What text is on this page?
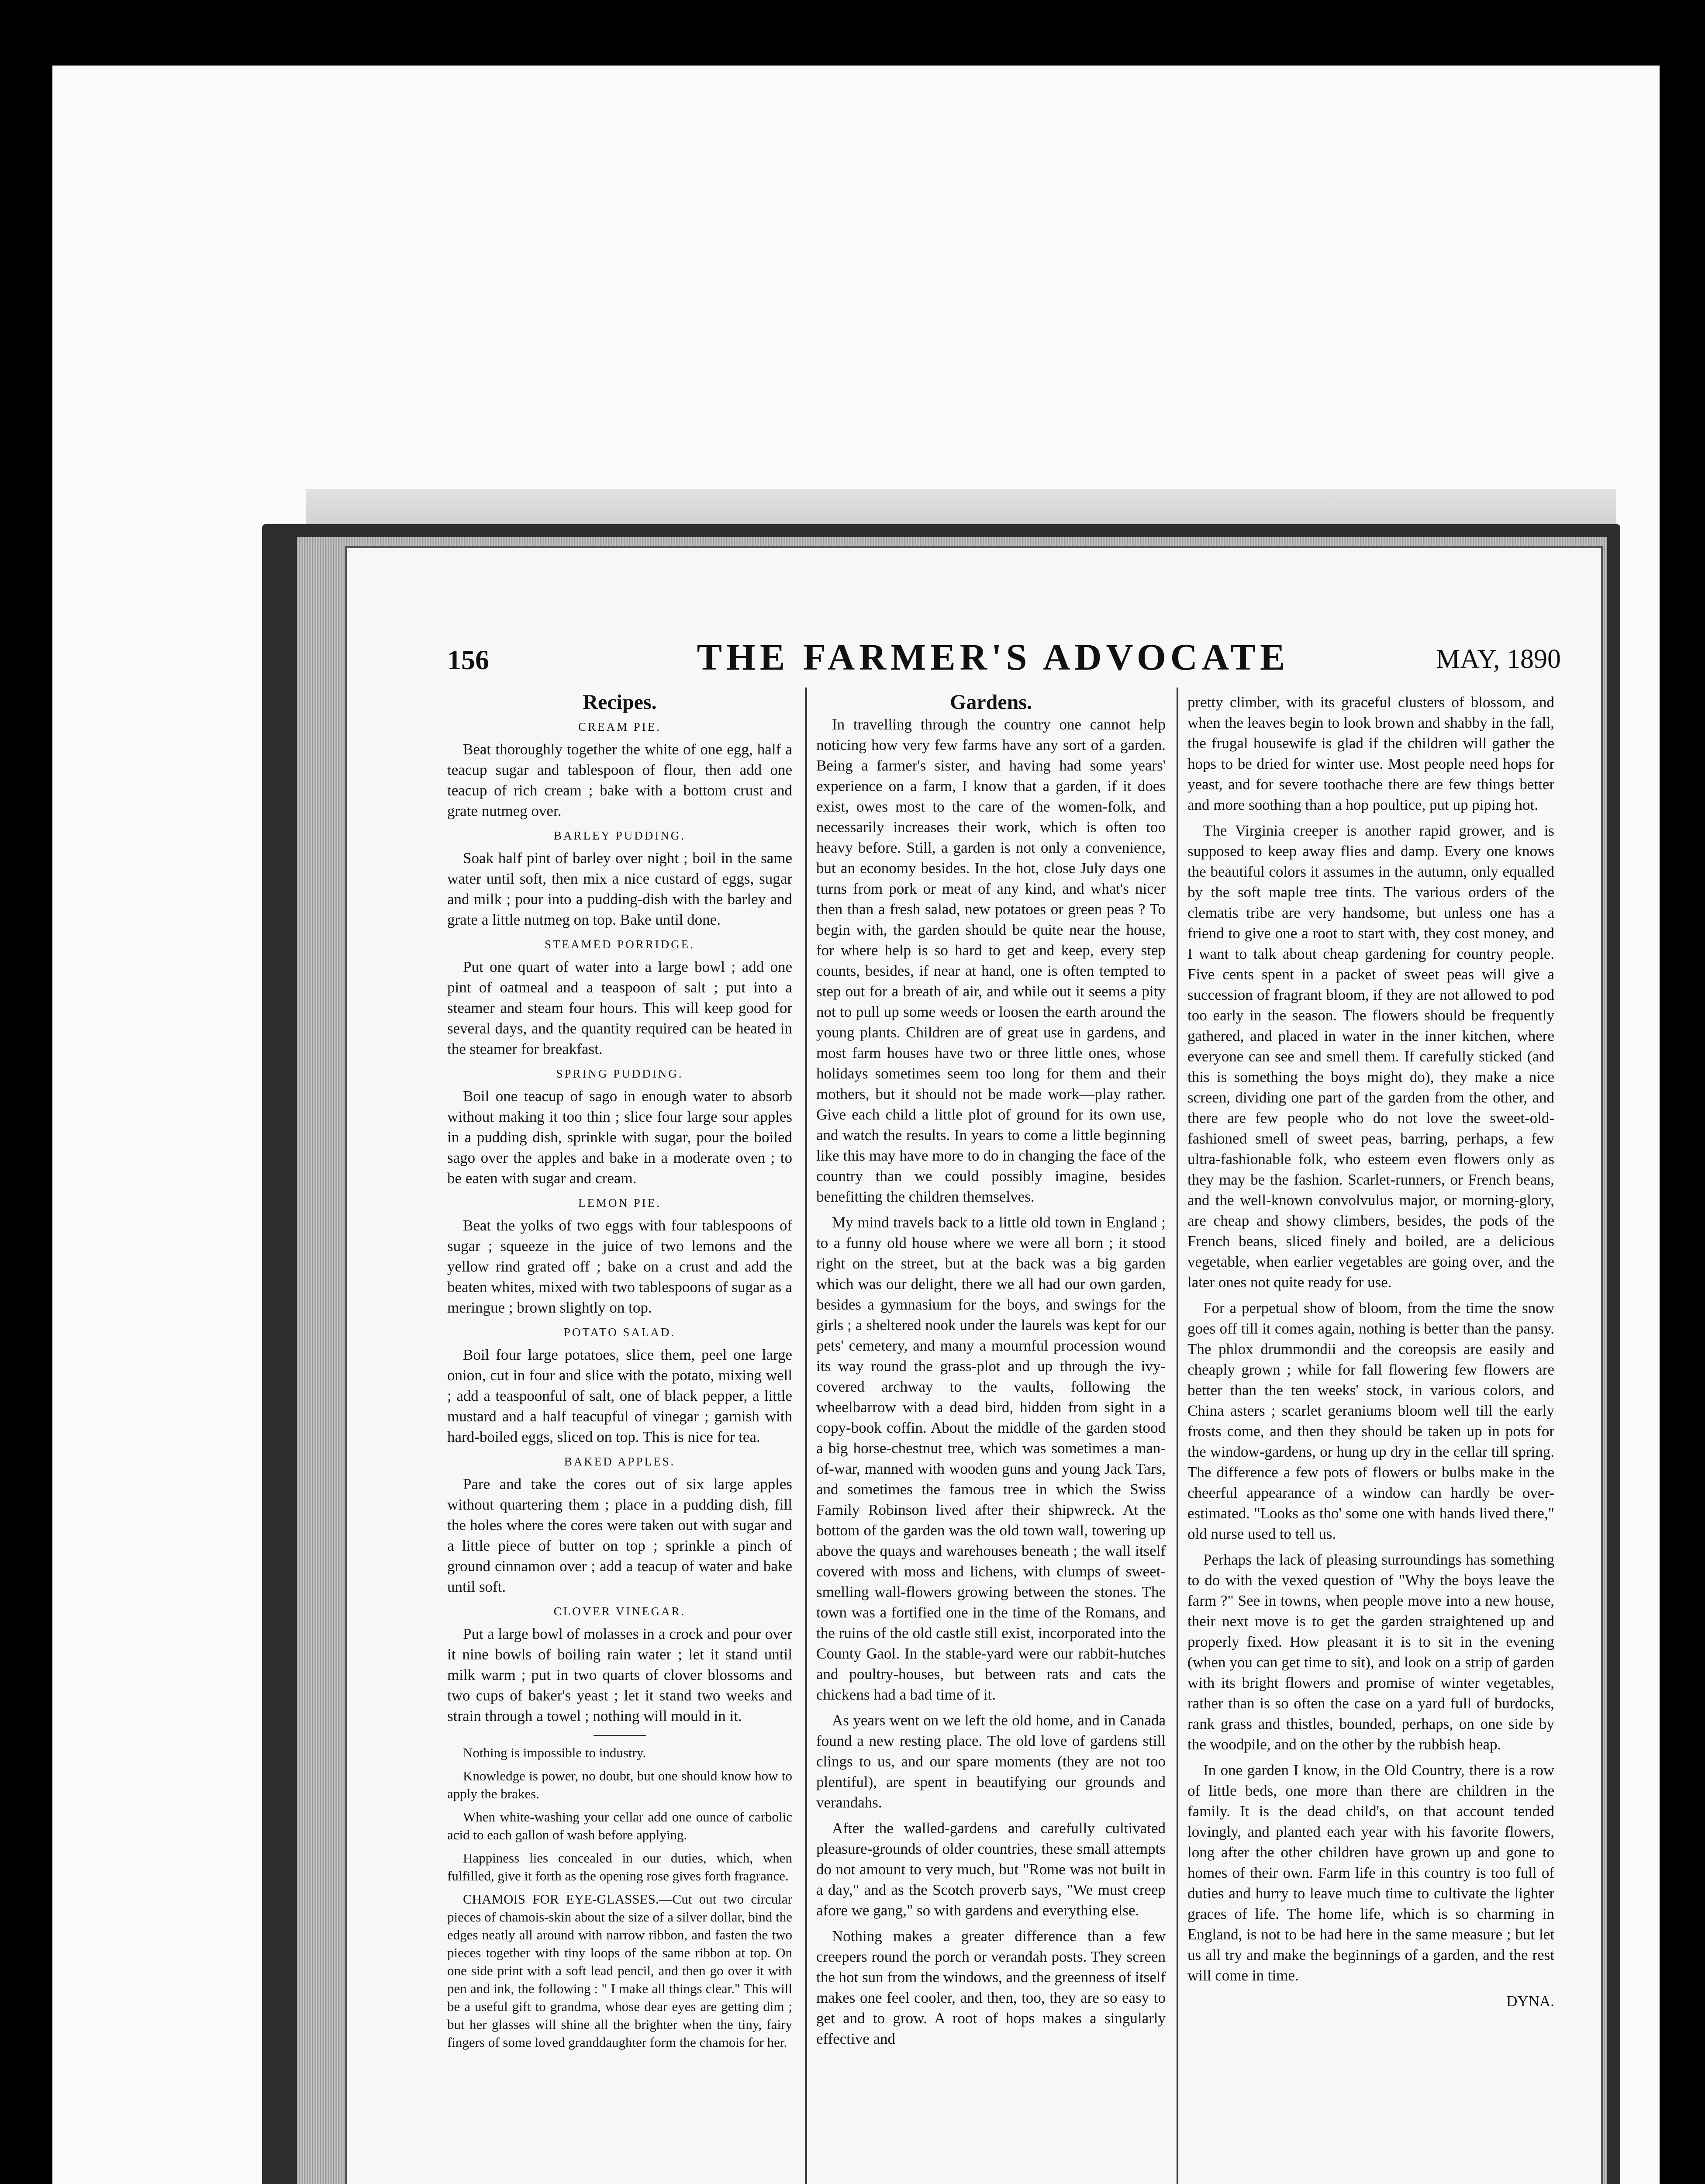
156	THE FARMER'S ADVOCATE	MAY, 1890
Recipes.
CREAM PIE.

Beat thoroughly together the white of one egg, half a teacup sugar and tablespoon of flour, then add one teacup of rich cream ; bake with a bottom crust and grate nutmeg over.

BARLEY PUDDING.

Soak half pint of barley over night ; boil in the same water until soft, then mix a nice custard of eggs, sugar and milk ; pour into a pudding-dish with the barley and grate a little nutmeg on top. Bake until done.

STEAMED PORRIDGE.

Put one quart of water into a large bowl ; add one pint of oatmeal and a teaspoon of salt ; put into a steamer and steam four hours. This will keep good for several days, and the quantity required can be heated in the steamer for breakfast.

SPRING PUDDING.

Boil one teacup of sago in enough water to absorb without making it too thin ; slice four large sour apples in a pudding dish, sprinkle with sugar, pour the boiled sago over the apples and bake in a moderate oven ; to be eaten with sugar and cream.

LEMON PIE.

Beat the yolks of two eggs with four tablespoons of sugar ; squeeze in the juice of two lemons and the yellow rind grated off ; bake on a crust and add the beaten whites, mixed with two tablespoons of sugar as a meringue ; brown slightly on top.

POTATO SALAD.

Boil four large potatoes, slice them, peel one large onion, cut in four and slice with the potato, mixing well ; add a teaspoonful of salt, one of black pepper, a little mustard and a half teacupful of vinegar ; garnish with hard-boiled eggs, sliced on top. This is nice for tea.

BAKED APPLES.

Pare and take the cores out of six large apples without quartering them ; place in a pudding dish, fill the holes where the cores were taken out with sugar and a little piece of butter on top ; sprinkle a pinch of ground cinnamon over ; add a teacup of water and bake until soft.

CLOVER VINEGAR.

Put a large bowl of molasses in a crock and pour over it nine bowls of boiling rain water ; let it stand until milk warm ; put in two quarts of clover blossoms and two cups of baker's yeast ; let it stand two weeks and strain through a towel ; nothing will mould in it.

Nothing is impossible to industry.

Knowledge is power, no doubt, but one should know how to apply the brakes.

When white-washing your cellar add one ounce of carbolic acid to each gallon of wash before applying.

Happiness lies concealed in our duties, which, when fulfilled, give it forth as the opening rose gives forth fragrance.

CHAMOIS FOR EYE-GLASSES.—Cut out two circular pieces of chamois-skin about the size of a silver dollar, bind the edges neatly all around with narrow ribbon, and fasten the two pieces together with tiny loops of the same ribbon at top. On one side print with a soft lead pencil, and then go over it with pen and ink, the following : " I make all things clear." This will be a useful gift to grandma, whose dear eyes are getting dim ; but her glasses will shine all the brighter when the tiny, fairy fingers of some loved granddaughter form the chamois for her.

Gardens.

In travelling through the country one cannot help noticing how very few farms have any sort of a garden. Being a farmer's sister, and having had some years' experience on a farm, I know that a garden, if it does exist, owes most to the care of the women-folk, and necessarily increases their work, which is often too heavy before. Still, a garden is not only a convenience, but an economy besides. In the hot, close July days one turns from pork or meat of any kind, and what's nicer then than a fresh salad, new potatoes or green peas ? To begin with, the garden should be quite near the house, for where help is so hard to get and keep, every step counts, besides, if near at hand, one is often tempted to step out for a breath of air, and while out it seems a pity not to pull up some weeds or loosen the earth around the young plants. Children are of great use in gardens, and most farm houses have two or three little ones, whose holidays sometimes seem too long for them and their mothers, but it should not be made work—play rather. Give each child a little plot of ground for its own use, and watch the results. In years to come a little beginning like this may have more to do in changing the face of the country than we could possibly imagine, besides benefitting the children themselves.

My mind travels back to a little old town in England ; to a funny old house where we were all born ; it stood right on the street, but at the back was a big garden which was our delight, there we all had our own garden, besides a gymnasium for the boys, and swings for the girls ; a sheltered nook under the laurels was kept for our pets' cemetery, and many a mournful procession wound its way round the grass-plot and up through the ivy-covered archway to the vaults, following the wheelbarrow with a dead bird, hidden from sight in a copy-book coffin. About the middle of the garden stood a big horse-chestnut tree, which was sometimes a man-of-war, manned with wooden guns and young Jack Tars, and sometimes the famous tree in which the Swiss Family Robinson lived after their shipwreck. At the bottom of the garden was the old town wall, towering up above the quays and warehouses beneath ; the wall itself covered with moss and lichens, with clumps of sweet-smelling wall-flowers growing between the stones. The town was a fortified one in the time of the Romans, and the ruins of the old castle still exist, incorporated into the County Gaol. In the stable-yard were our rabbit-hutches and poultry-houses, but between rats and cats the chickens had a bad time of it.

As years went on we left the old home, and in Canada found a new resting place. The old love of gardens still clings to us, and our spare moments (they are not too plentiful), are spent in beautifying our grounds and verandahs.

After the walled-gardens and carefully cultivated pleasure-grounds of older countries, these small attempts do not amount to very much, but "Rome was not built in a day," and as the Scotch proverb says, "We must creep afore we gang," so with gardens and everything else.

Nothing makes a greater difference than a few creepers round the porch or verandah posts. They screen the hot sun from the windows, and the greenness of itself makes one feel cooler, and then, too, they are so easy to get and to grow. A root of hops makes a singularly effective and

pretty climber, with its graceful clusters of blossom, and when the leaves begin to look brown and shabby in the fall, the frugal housewife is glad if the children will gather the hops to be dried for winter use. Most people need hops for yeast, and for severe toothache there are few things better and more soothing than a hop poultice, put up piping hot.

The Virginia creeper is another rapid grower, and is supposed to keep away flies and damp. Every one knows the beautiful colors it assumes in the autumn, only equalled by the soft maple tree tints. The various orders of the clematis tribe are very handsome, but unless one has a friend to give one a root to start with, they cost money, and I want to talk about cheap gardening for country people. Five cents spent in a packet of sweet peas will give a succession of fragrant bloom, if they are not allowed to pod too early in the season. The flowers should be frequently gathered, and placed in water in the inner kitchen, where everyone can see and smell them. If carefully sticked (and this is something the boys might do), they make a nice screen, dividing one part of the garden from the other, and there are few people who do not love the sweet-old-fashioned smell of sweet peas, barring, perhaps, a few ultra-fashionable folk, who esteem even flowers only as they may be the fashion. Scarlet-runners, or French beans, and the well-known convolvulus major, or morning-glory, are cheap and showy climbers, besides, the pods of the French beans, sliced finely and boiled, are a delicious vegetable, when earlier vegetables are going over, and the later ones not quite ready for use.

For a perpetual show of bloom, from the time the snow goes off till it comes again, nothing is better than the pansy. The phlox drummondii and the coreopsis are easily and cheaply grown ; while for fall flowering few flowers are better than the ten weeks' stock, in various colors, and China asters ; scarlet geraniums bloom well till the early frosts come, and then they should be taken up in pots for the window-gardens, or hung up dry in the cellar till spring. The difference a few pots of flowers or bulbs make in the cheerful appearance of a window can hardly be over-estimated. "Looks as tho' some one with hands lived there," old nurse used to tell us.

Perhaps the lack of pleasing surroundings has something to do with the vexed question of "Why the boys leave the farm ?" See in towns, when people move into a new house, their next move is to get the garden straightened up and properly fixed. How pleasant it is to sit in the evening (when you can get time to sit), and look on a strip of garden with its bright flowers and promise of winter vegetables, rather than is so often the case on a yard full of burdocks, rank grass and thistles, bounded, perhaps, on one side by the woodpile, and on the other by the rubbish heap.

In one garden I know, in the Old Country, there is a row of little beds, one more than there are children in the family. It is the dead child's, on that account tended lovingly, and planted each year with his favorite flowers, long after the other children have grown up and gone to homes of their own. Farm life in this country is too full of duties and hurry to leave much time to cultivate the lighter graces of life. The home life, which is so charming in England, is not to be had here in the same measure ; but let us all try and make the beginnings of a garden, and the rest will come in time.

DYNA.
